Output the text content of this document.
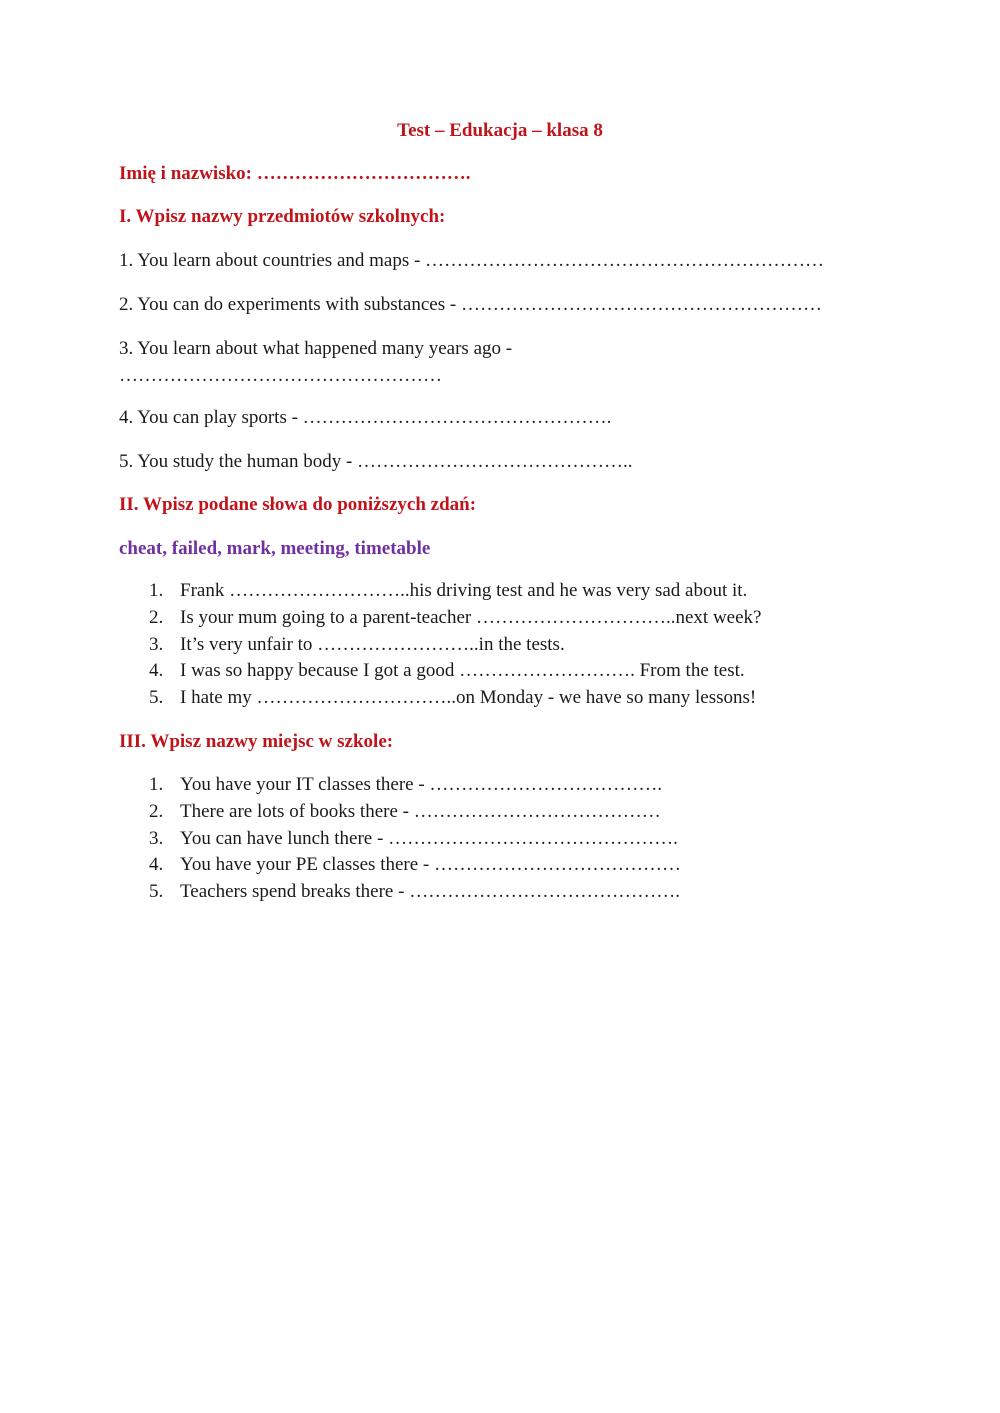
Test – Edukacja – klasa 8
Imię i nazwisko: …………………………….
I. Wpisz nazwy przedmiotów szkolnych:
1. You learn about countries and maps - ………………………………………………………
2. You can do experiments with substances - …………………………………………………
3. You learn about what happened many years ago -
……………………………………………
4. You can play sports - ………………………………………….
5. You study the human body - ……………………………………..
II. Wpisz podane słowa do poniższych zdań:
cheat, failed, mark, meeting, timetable
1. Frank ………………………..his driving test and he was very sad about it.
2. Is your mum going to a parent-teacher …………………………..next week?
3. It’s very unfair to ……………………..in the tests.
4. I was so happy because I got a good ………………………. From the test.
5. I hate my …………………………..on Monday - we have so many lessons!
III. Wpisz nazwy miejsc w szkole:
1. You have your IT classes there - ……………………………….
2. There are lots of books there - …………………………………
3. You can have lunch there - ……………………………………….
4. You have your PE classes there - …………………………………
5. Teachers spend breaks there - …………………………………….
